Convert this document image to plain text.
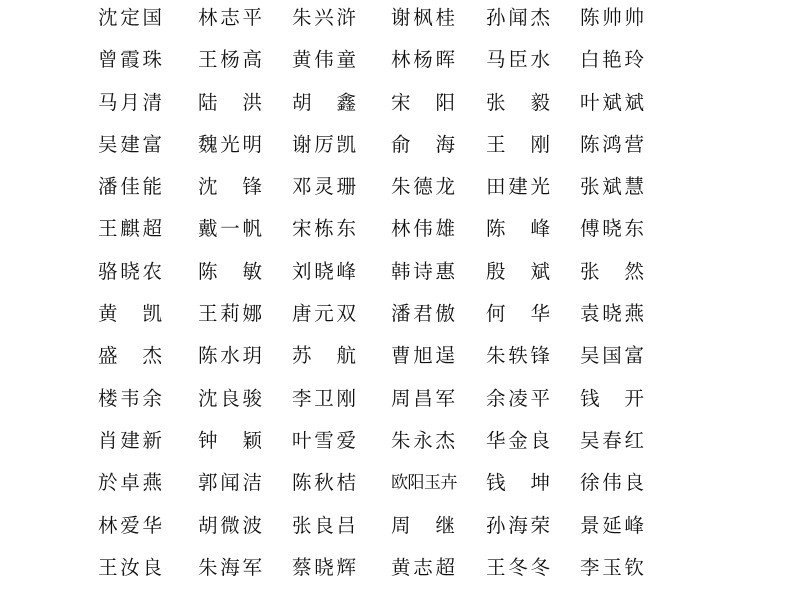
沈定国 林志平 朱兴浒 谢枫桂 孙闻杰 陈帅帅
曾霞珠 王杨高 黄伟童 林杨晖 马臣水 白艳玲
马月清 陆 洪 胡 鑫 宋 阳 张 毅 叶斌斌
吴建富 魏光明 谢厉凯 俞 海 王 刚 陈鸿营
潘佳能 沈 锋 邓灵珊 朱德龙 田建光 张斌慧
王麒超 戴一帆 宋栋东 林伟雄 陈 峰 傅晓东
骆晓农 陈 敏 刘晓峰 韩诗惠 殷 斌 张 然
黄 凯 王莉娜 唐元双 潘君傲 何 华 袁晓燕
盛 杰 陈水玥 苏 航 曹旭逞 朱轶锋 吴国富
楼韦余 沈良骏 李卫刚 周昌军 余凌平 钱 开
肖建新 钟 颖 叶雪爱 朱永杰 华金良 吴春红
於卓燕 郭闻洁 陈秋桔 欧阳玉卉 钱 坤 徐伟良
林爱华 胡微波 张良吕 周 继 孙海荣 景延峰
王汝良 朱海军 蔡晓辉 黄志超 王冬冬 李玉钦
